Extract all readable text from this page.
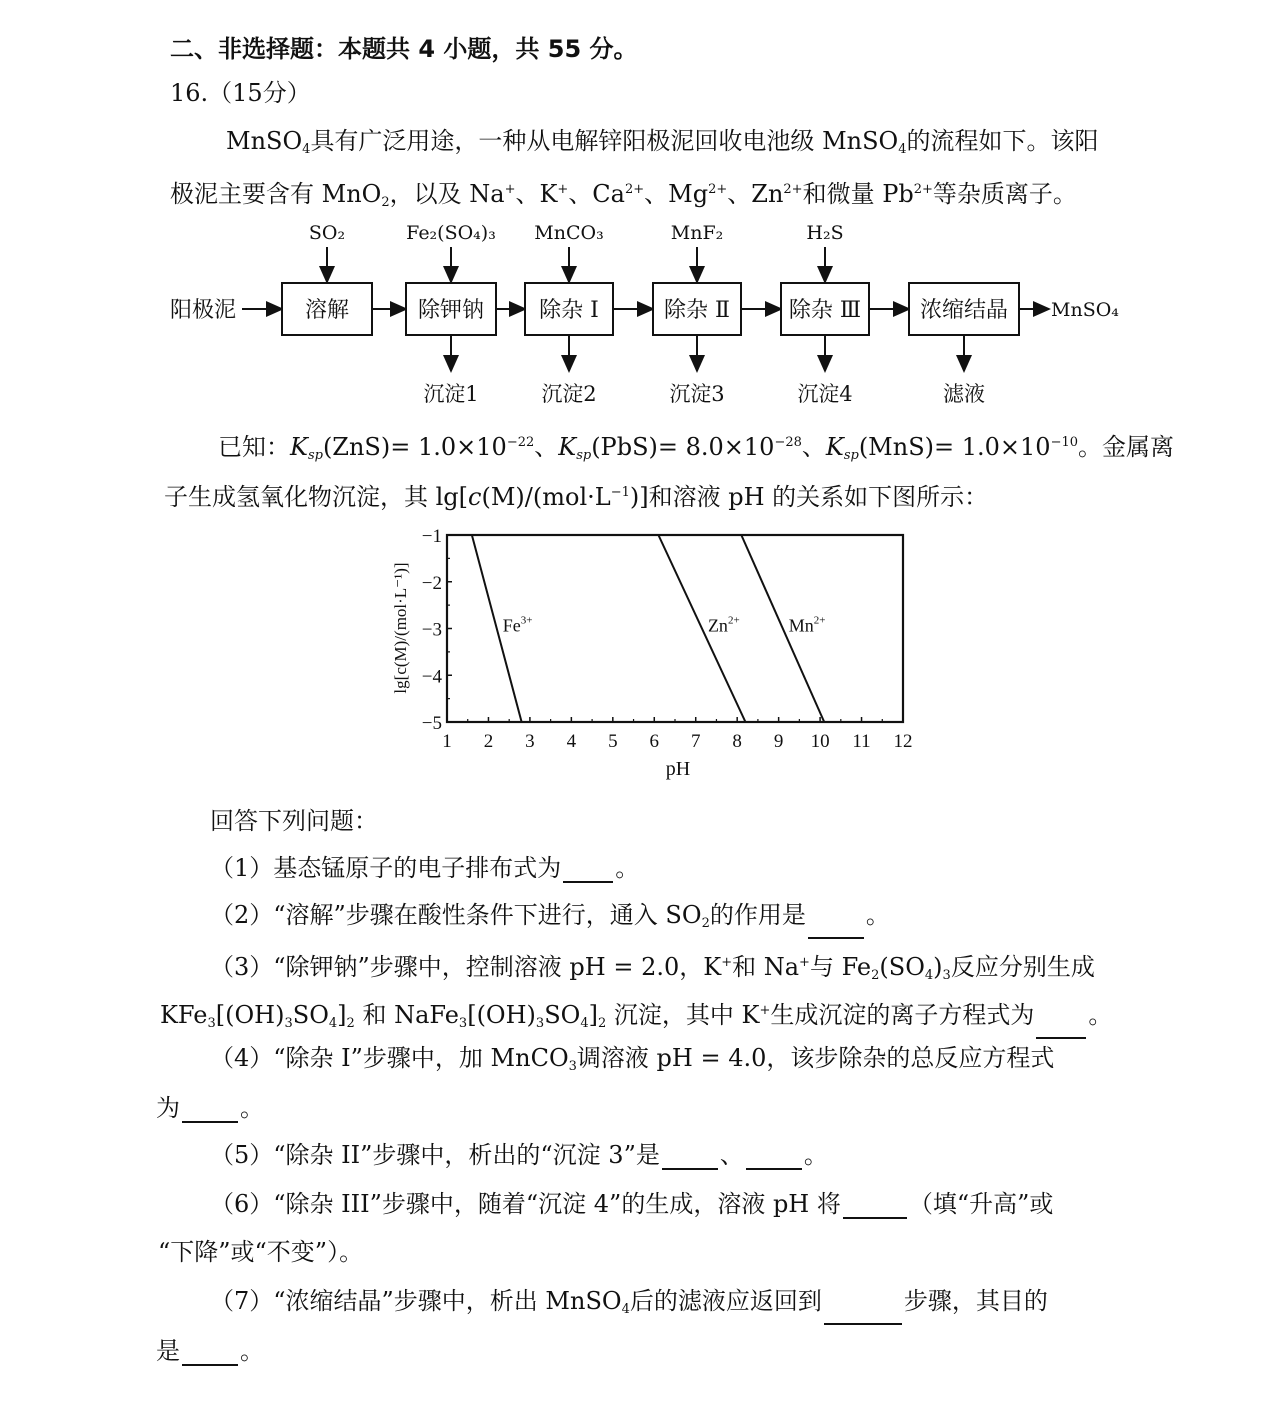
二、非选择题：本题共 4 小题，共 55 分。
16.（15分）
MnSO$_4$具有广泛用途，一种从电解锌阳极泥回收电池级 MnSO$_4$的流程如下。该阳
极泥主要含有 MnO$_2$，以及 Na+、K+、$Ca^{2+}$、$Mg^{2+}$、$Zn^{2+}$和微量 $Pb^{2+}$等杂质离子。
阳极泥	溶解
SO₂
除钾钠
Fe₂(SO₄)₃
沉淀1
除杂 Ⅰ
MnCO₃
沉淀2
除杂 Ⅱ
MnF₂
沉淀3
除杂 Ⅲ
H₂S
沉淀4
浓缩结晶
滤液
MnSO₄
已知：$K_{sp}(ZnS)= 1.0\times 10^{-22}$、$K_{sp}(PbS)= 8.0\times 10^{-28}$、$K_{sp}(MnS)= 1.0\times 10^{-10}$。金属离
子生成氢氧化物沉淀，其 $\lg[c(M)/(mol\cdot L^{-1})]$和溶液 pH 的关系如下图所示：
1 2 3 4 5 6 7 8 9 10 11 12
−1
−2
−3
−4
−5
$Fe^{3+}$	$Zn^{2+}$	$Mn^{2+}$
pH
lg[c(M)/(mol·L⁻¹)]
回答下列问题：
（1）基态锰原子的电子排布式为 。
（2）“溶解”步骤在酸性条件下进行，通入 $SO_2$的作用是	。
（3）“除钾钠”步骤中，控制溶液 pH = 2.0，K+和 Na+与 $Fe_2(SO_4)_3$反应分别生成
$KFe_3[(OH)_3SO_4]_2$ 和 $NaFe_3[(OH)_3SO_4]_2$ 沉淀，其中 K+生成沉淀的离子方程式为 。
（4）“除杂 I”步骤中，加 MnCO$_3$调溶液 pH = 4.0，该步除杂的总反应方程式
为	。
（5）“除杂 II”步骤中，析出的“沉淀 3”是	、	。
（6）“除杂 III”步骤中，随着“沉淀 4”的生成，溶液 pH 将	（填“升高”或
“下降”或“不变”）。
（7）“浓缩结晶”步骤中，析出 MnSO$_4$后的滤液应返回到	步骤，其目的
是	。
